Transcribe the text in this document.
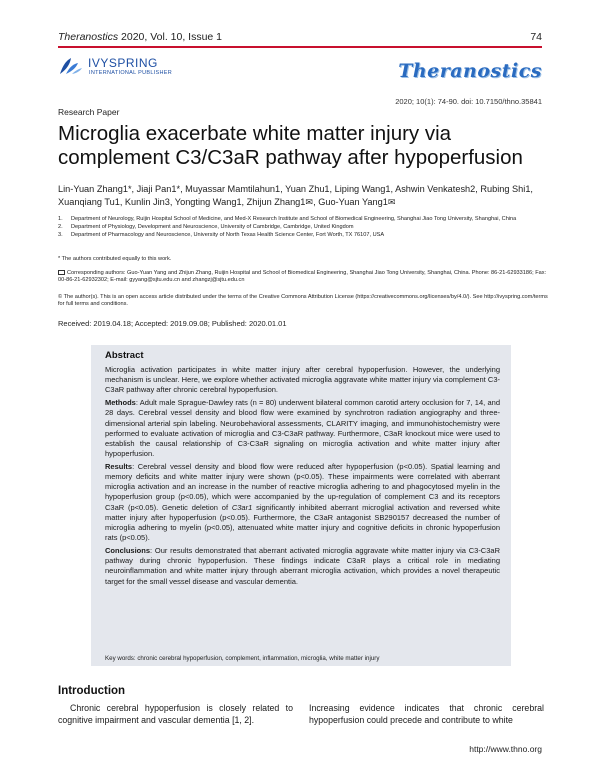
Theranostics 2020, Vol. 10, Issue 1	74
IVYSPRING
INTERNATIONAL PUBLISHER	Theranostics
2020; 10(1): 74-90. doi: 10.7150/thno.35841
Research Paper
Microglia exacerbate white matter injury via complement C3/C3aR pathway after hypoperfusion
Lin-Yuan Zhang1*, Jiaji Pan1*, Muyassar Mamtilahun1, Yuan Zhu1, Liping Wang1, Ashwin Venkatesh2, Rubing Shi1, Xuanqiang Tu1, Kunlin Jin3, Yongting Wang1, Zhijun Zhang1✉, Guo-Yuan Yang1✉
1.	Department of Neurology, Ruijin Hospital School of Medicine, and Med-X Research Institute and School of Biomedical Engineering, Shanghai Jiao Tong University, Shanghai, China
2.	Department of Physiology, Development and Neuroscience, University of Cambridge, Cambridge, United Kingdom
3.	Department of Pharmacology and Neuroscience, University of North Texas Health Science Center, Fort Worth, TX 76107, USA
* The authors contributed equally to this work.
Corresponding authors: Guo-Yuan Yang and Zhijun Zhang, Ruijin Hospital and School of Biomedical Engineering, Shanghai Jiao Tong University, Shanghai, China. Phone: 86-21-62933186; Fax: 00-86-21-62932302; E-mail: gyyang@sjtu.edu.cn and zhangzj@sjtu.edu.cn
© The author(s). This is an open access article distributed under the terms of the Creative Commons Attribution License (https://creativecommons.org/licenses/by/4.0/). See http://ivyspring.com/terms for full terms and conditions.
Received: 2019.04.18; Accepted: 2019.09.08; Published: 2020.01.01
Abstract

Microglia activation participates in white matter injury after cerebral hypoperfusion. However, the underlying mechanism is unclear. Here, we explore whether activated microglia aggravate white matter injury via complement C3-C3aR pathway after chronic cerebral hypoperfusion.

Methods: Adult male Sprague-Dawley rats (n = 80) underwent bilateral common carotid artery occlusion for 7, 14, and 28 days. Cerebral vessel density and blood flow were examined by synchrotron radiation angiography and three-dimensional arterial spin labeling. Neurobehavioral assessments, CLARITY imaging, and immunohistochemistry were performed to evaluate activation of microglia and C3-C3aR pathway. Furthermore, C3aR knockout mice were used to establish the causal relationship of C3-C3aR signaling on microglia activation and white matter injury after hypoperfusion.

Results: Cerebral vessel density and blood flow were reduced after hypoperfusion (p<0.05). Spatial learning and memory deficits and white matter injury were shown (p<0.05). These impairments were correlated with aberrant microglia activation and an increase in the number of reactive microglia adhering to and phagocytosed myelin in the hypoperfusion group (p<0.05), which were accompanied by the up-regulation of complement C3 and its receptors C3aR (p<0.05). Genetic deletion of C3ar1 significantly inhibited aberrant microglial activation and reversed white matter injury after hypoperfusion (p<0.05). Furthermore, the C3aR antagonist SB290157 decreased the number of microglia adhering to myelin (p<0.05), attenuated white matter injury and cognitive deficits in chronic hypoperfusion rats (p<0.05).

Conclusions: Our results demonstrated that aberrant activated microglia aggravate white matter injury via C3-C3aR pathway during chronic hypoperfusion. These findings indicate C3aR plays a critical role in mediating neuroinflammation and white matter injury through aberrant microglia activation, which provides a novel therapeutic target for the small vessel disease and vascular dementia.

Key words: chronic cerebral hypoperfusion, complement, inflammation, microglia, white matter injury
Introduction
Chronic cerebral hypoperfusion is closely related to cognitive impairment and vascular dementia [1, 2].
Increasing evidence indicates that chronic cerebral hypoperfusion could precede and contribute to white
http://www.thno.org
